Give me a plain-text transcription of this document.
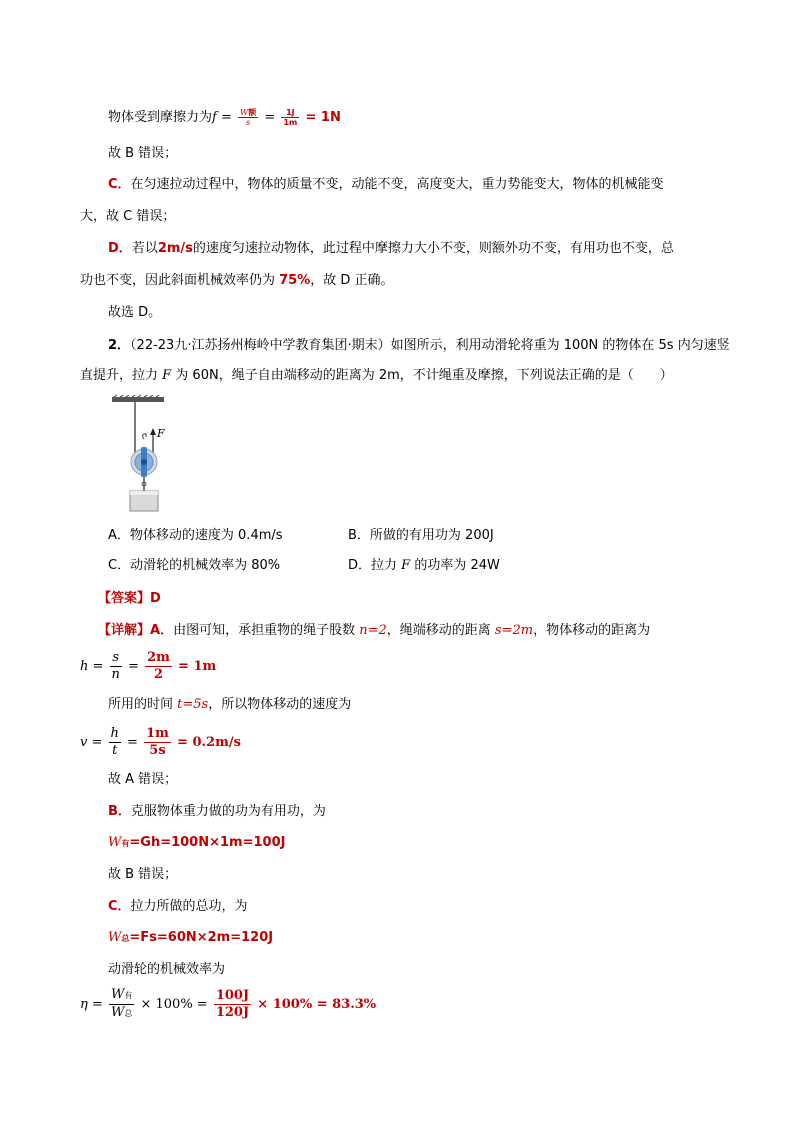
物体受到摩擦力为$f = \frac{\text{W额}}{s} = \frac{1J}{1m} = 1N$
故 B 错误；
C．在匀速拉动过程中，物体的质量不变，动能不变，高度变大，重力势能变大，物体的机械能变
大，故 C 错误；
D．若以2m/s的速度匀速拉动物体，此过程中摩擦力大小不变，则额外功不变，有用功也不变，总
功也不变，因此斜面机械效率仍为 75%，故 D 正确。
故选 D。
2．（22-23九·江苏扬州梅岭中学教育集团·期末）如图所示，利用动滑轮将重为 100N 的物体在 5s 内匀速竖
直提升，拉力 F 为 60N，绳子自由端移动的距离为 2m，不计绳重及摩擦，下列说法正确的是（　　）
F
A．物体移动的速度为 0.4m/s	B．所做的有用功为 200J
C．动滑轮的机械效率为 80%	D．拉力 F 的功率为 24W
【答案】D
【详解】A．由图可知，承担重物的绳子股数 n=2，绳端移动的距离 s=2m，物体移动的距离为
$h = \frac{s}{n} = \frac{2m}{2} = 1m$
所用的时间 t=5s，所以物体移动的速度为
$v = \frac{h}{t} = \frac{1m}{5s} = 0.2m/s$
故 A 错误；
B．克服物体重力做的功为有用功，为
W有=Gh=100N×1m=100J
故 B 错误；
C．拉力所做的总功，为
W总=Fs=60N×2m=120J
动滑轮的机械效率为
$\eta = \frac{\text{W有}}{\text{W总}} \times 100\% = \frac{100J}{120J} \times 100\% = 83.3\%$
